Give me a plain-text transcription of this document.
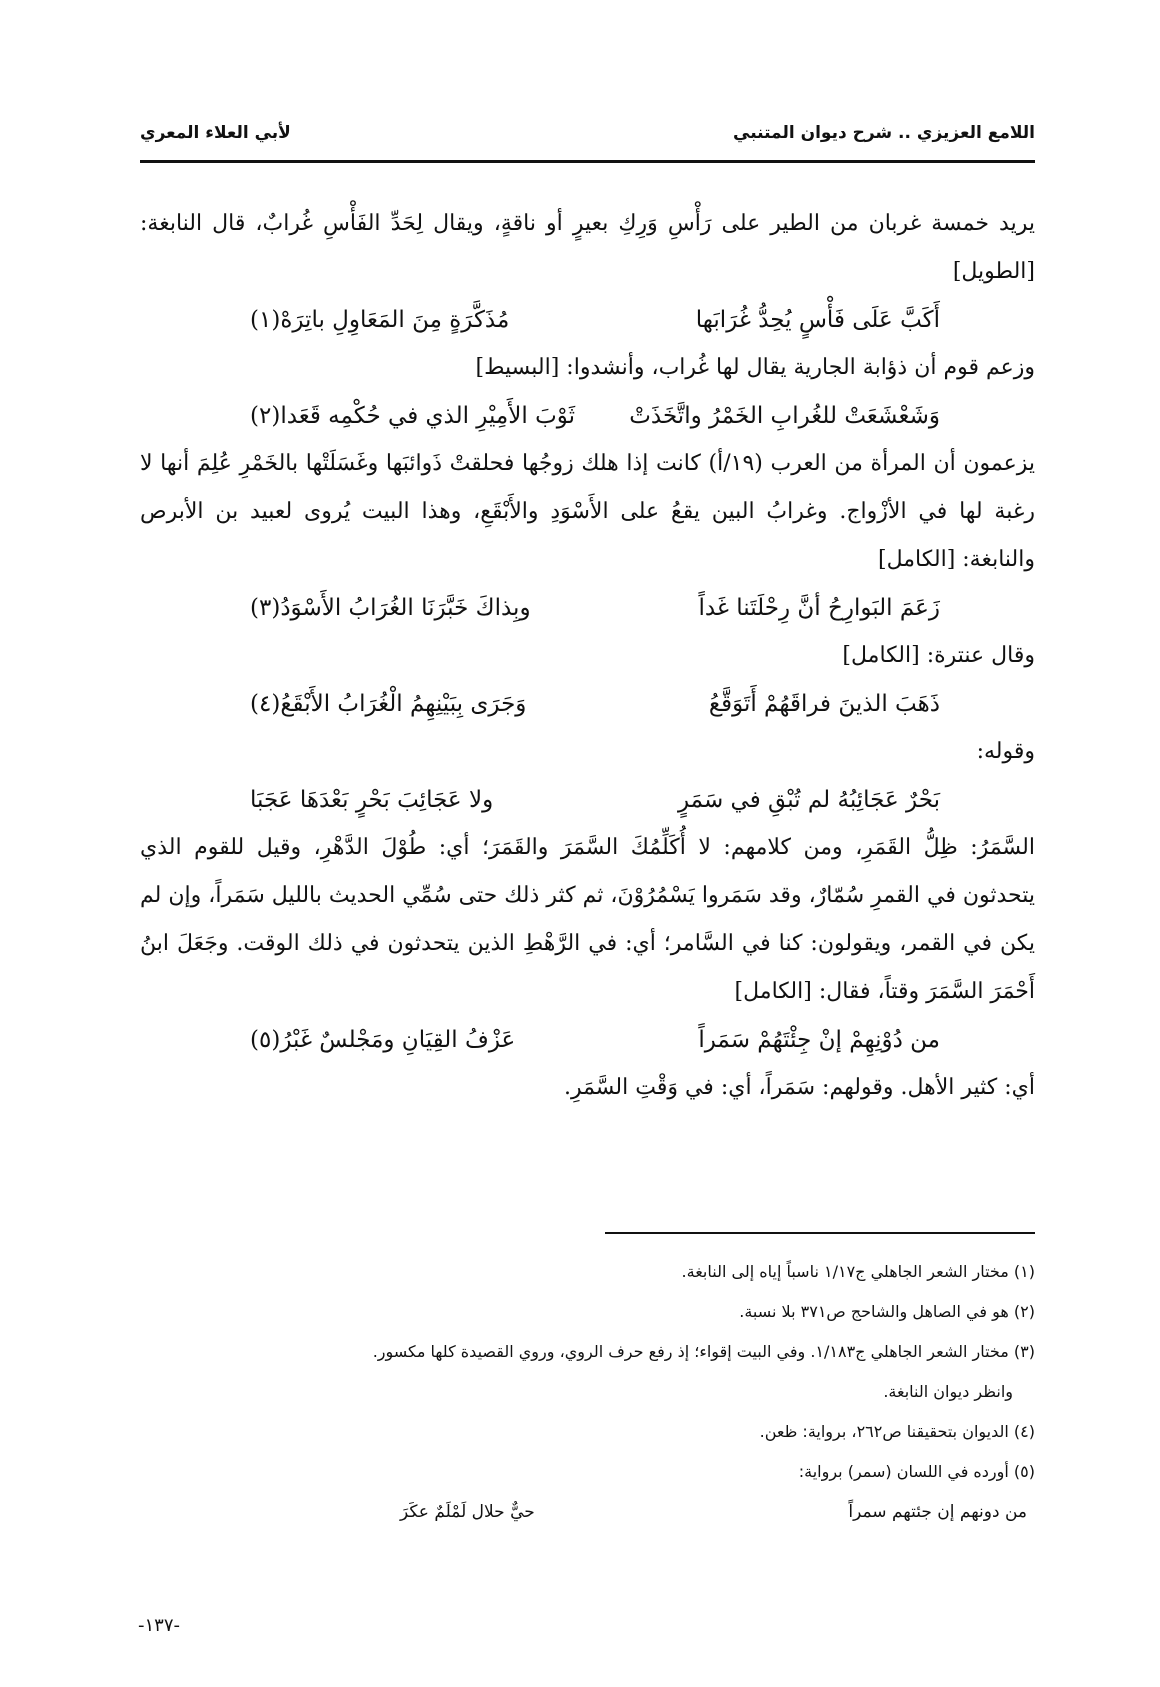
اللامع العزيزي .. شرح ديوان المتنبي
لأبي العلاء المعري

يريد خمسة غربان من الطير على رَأْسِ وَرِكِ بعيرٍ أو ناقةٍ، ويقال لِحَدِّ الفَأْسِ غُرابٌ، قال النابغة: [الطويل]

أَكَبَّ عَلَى فَأْسٍ يُحِدُّ غُرَابَها
مُذَكَّرَةٍ مِنَ المَعَاوِلِ باتِرَهْ(١)

وزعم قوم أن ذؤابة الجارية يقال لها غُراب، وأنشدوا: [البسيط]

وَشَعْشَعَتْ للغُرابِ الخَمْرُ واتَّخَذَتْ
ثَوْبَ الأَمِيْرِ الذي في حُكْمِه قَعَدا(٢)

يزعمون أن المرأة من العرب (١٩/أ) كانت إذا هلك زوجُها فحلقتْ ذَوائبَها وغَسَلَتْها بالخَمْرِ عُلِمَ أنها لا رغبة لها في الأزْواج. وغرابُ البين يقعُ على الأَسْوَدِ والأَبْقَعِ، وهذا البيت يُروى لعبيد بن الأبرص والنابغة: [الكامل]

زَعَمَ البَوارِحُ أنَّ رِحْلَتَنا غَداً
وبِذاكَ خَبَّرَنَا الغُرَابُ الأَسْوَدُ(٣)

وقال عنترة: [الكامل]

ذَهَبَ الذينَ فراقَهُمْ أَتَوَقَّعُ
وَجَرَى بِبَيْنِهِمُ الْغُرَابُ الأَبْقَعُ(٤)

وقوله:

بَحْرٌ عَجَائِبُهُ لم تُبْقِ في سَمَرٍ
ولا عَجَائِبَ بَحْرٍ بَعْدَهَا عَجَبَا

السَّمَرُ: ظِلُّ القَمَرِ، ومن كلامهم: لا أُكَلِّمُكَ السَّمَرَ والقَمَرَ؛ أي: طُوْلَ الدَّهْرِ، وقيل للقوم الذي يتحدثون في القمرِ سُمّارٌ، وقد سَمَروا يَسْمُرُوْنَ، ثم كثر ذلك حتى سُمِّي الحديث بالليل سَمَراً، وإن لم يكن في القمر، ويقولون: كنا في السَّامر؛ أي: في الرَّهْطِ الذين يتحدثون في ذلك الوقت. وجَعَلَ ابنُ أَحْمَرَ السَّمَرَ وقتاً، فقال: [الكامل]

من دُوْنِهِمْ إنْ جِئْتَهُمْ سَمَراً
عَزْفُ القِيَانِ ومَجْلسٌ غَبْرُ(٥)

أي: كثير الأهل. وقولهم: سَمَراً، أي: في وَقْتِ السَّمَرِ.

(١) مختار الشعر الجاهلي ج١/١٧ ناسباً إياه إلى النابغة.

(٢) هو في الصاهل والشاحج ص٣٧١ بلا نسبة.

(٣) مختار الشعر الجاهلي ج١/١٨٣. وفي البيت إقواء؛ إذ رفع حرف الروي، وروي القصيدة كلها مكسور.

وانظر ديوان النابغة.

(٤) الديوان بتحقيقنا ص٢٦٢، برواية: ظعن.

(٥) أورده في اللسان (سمر) برواية:

من دونهم إن جئتهم سمراً
حيٌّ حلال لَمْلَمٌ عكَرَ
-١٣٧-
